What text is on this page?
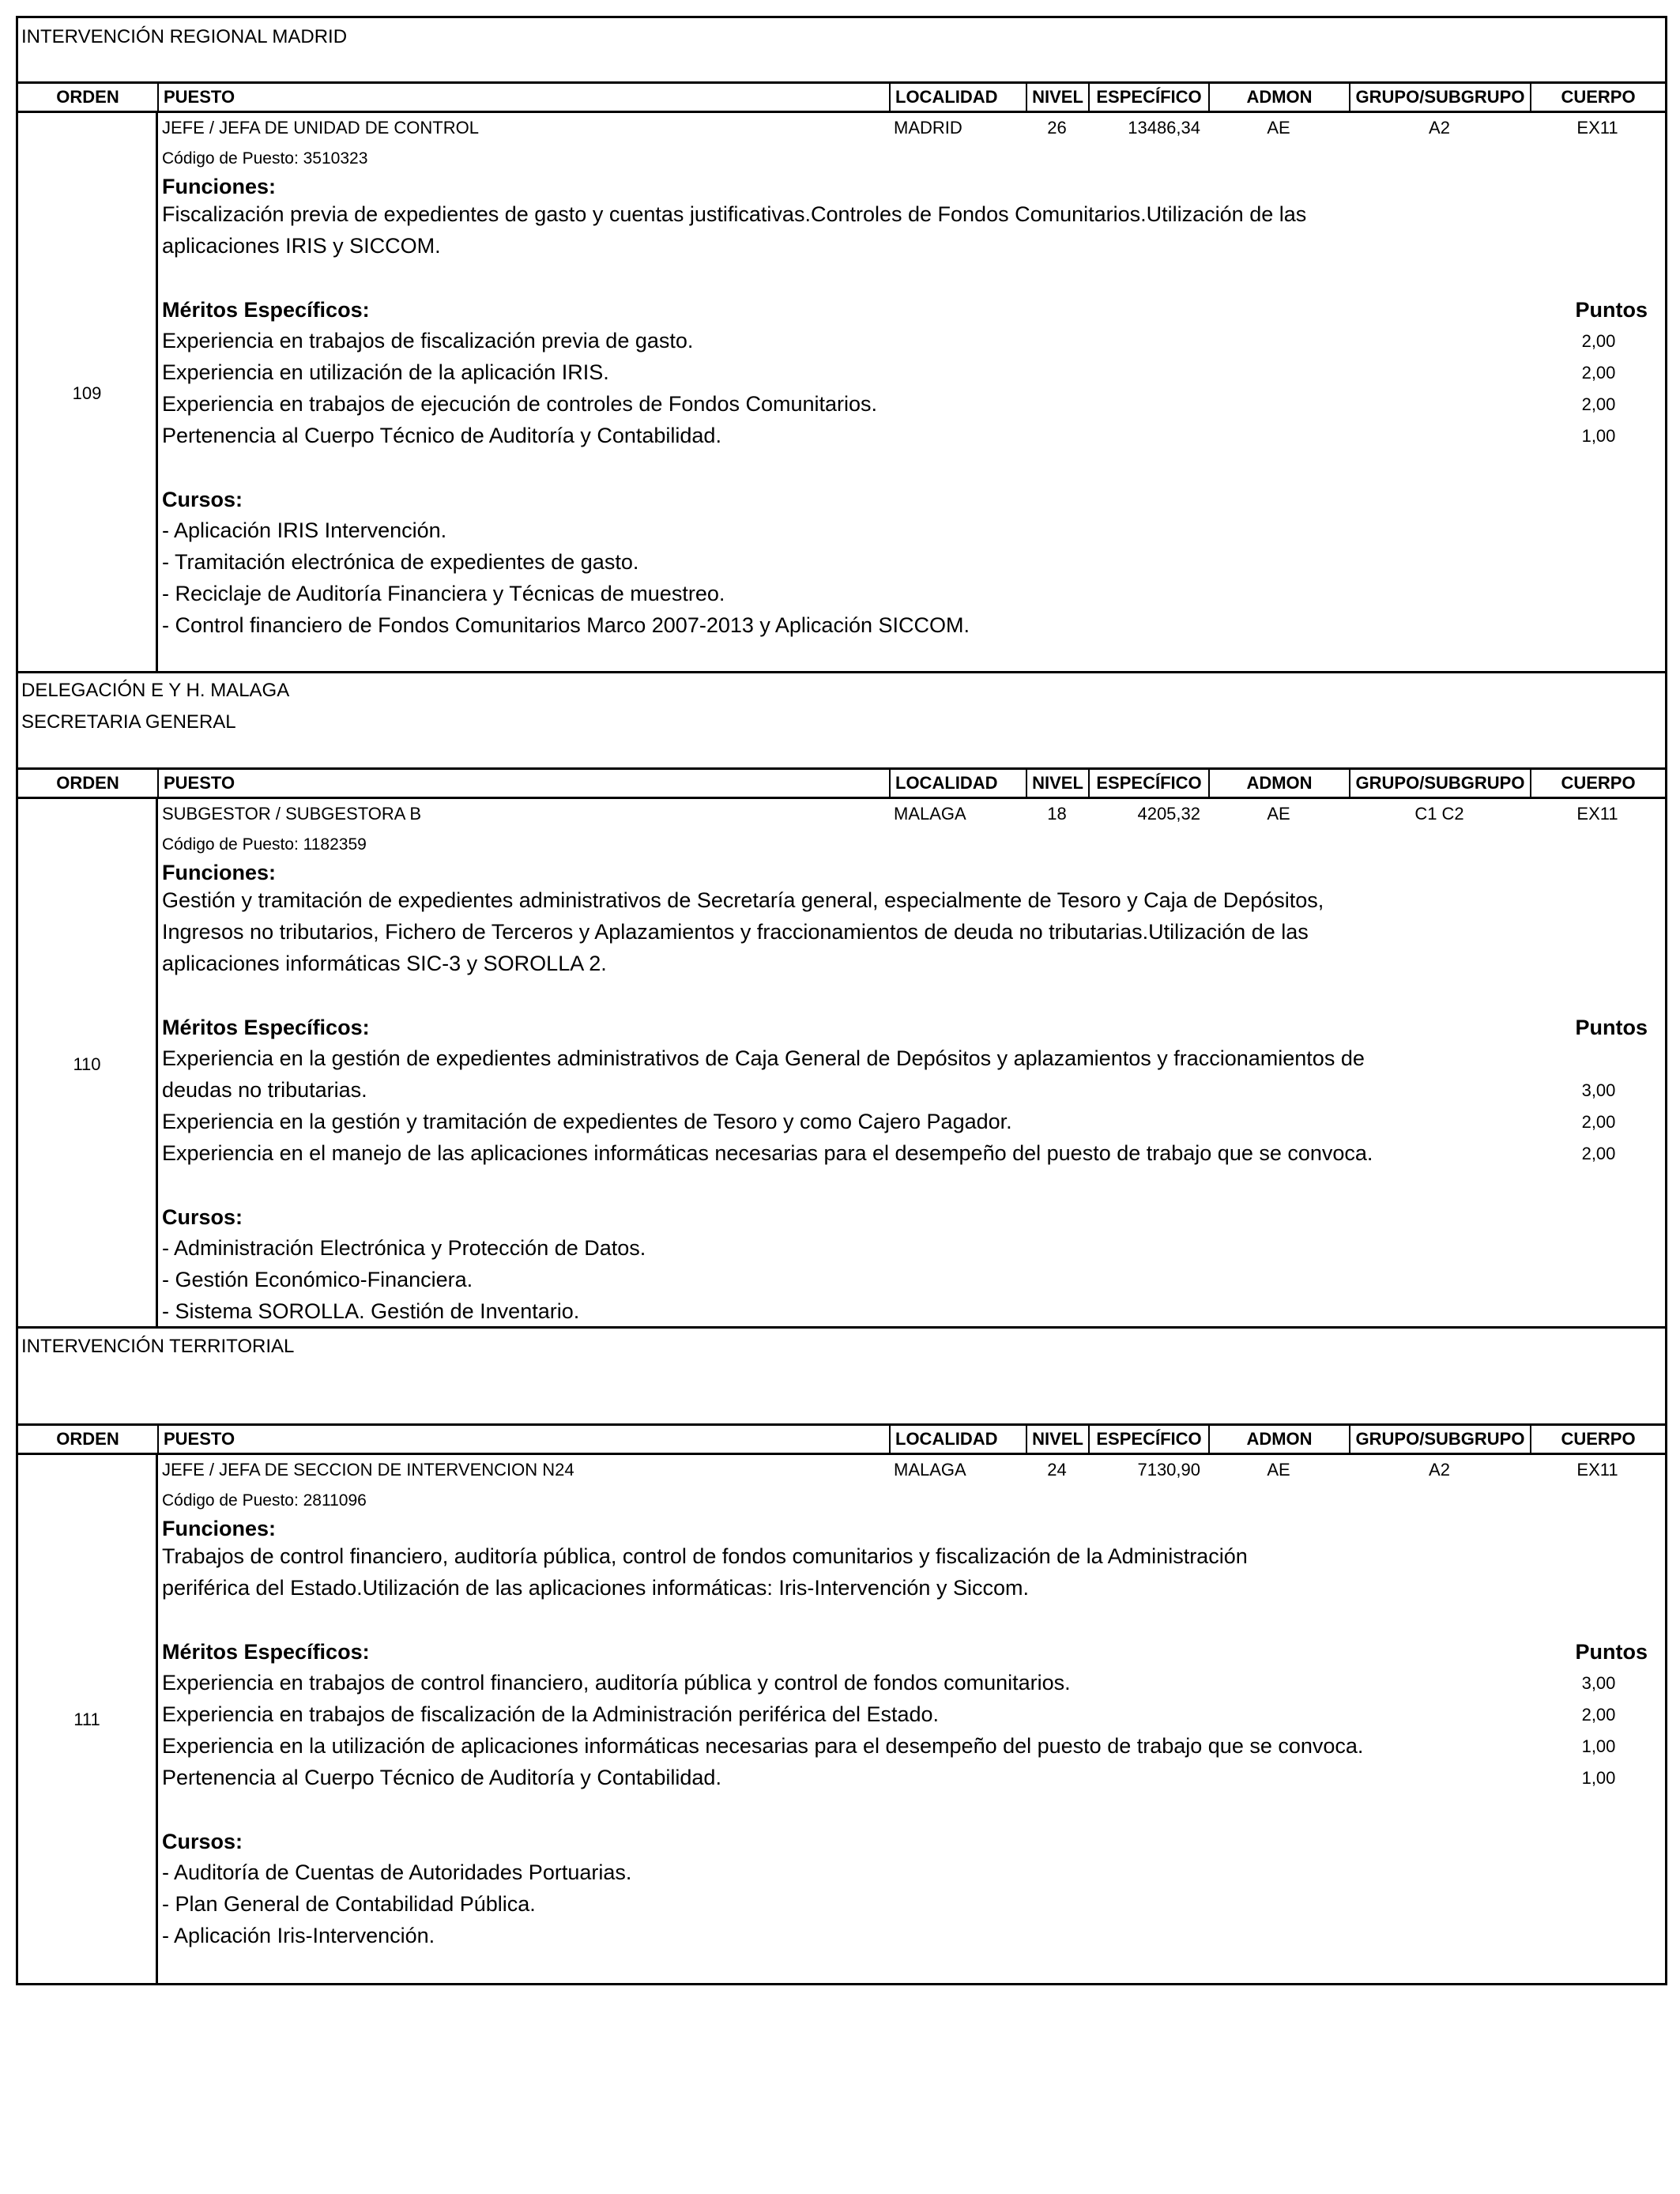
INTERVENCIÓN REGIONAL MADRID
ORDEN	PUESTO	LOCALIDAD	NIVEL ESPECÍFICO	ADMON	GRUPO/SUBGRUPO	CUERPO
109
JEFE / JEFA DE UNIDAD DE CONTROL	MADRID	26	13486,34	AE	A2	EX11
Código de Puesto: 3510323
Funciones:
Fiscalización previa de expedientes de gasto y cuentas justificativas.Controles de Fondos Comunitarios.Utilización de las
aplicaciones IRIS y SICCOM.
Méritos Específicos:	Puntos
Experiencia en trabajos de fiscalización previa de gasto.	2,00
Experiencia en utilización de la aplicación IRIS.	2,00
Experiencia en trabajos de ejecución de controles de Fondos Comunitarios.	2,00
Pertenencia al Cuerpo Técnico de Auditoría y Contabilidad.	1,00
Cursos:
- Aplicación IRIS Intervención.
- Tramitación electrónica de expedientes de gasto.
- Reciclaje de Auditoría Financiera y Técnicas de muestreo.
- Control financiero de Fondos Comunitarios Marco 2007-2013 y Aplicación SICCOM.
DELEGACIÓN E Y H. MALAGA
SECRETARIA GENERAL
ORDEN	PUESTO	LOCALIDAD	NIVEL ESPECÍFICO	ADMON	GRUPO/SUBGRUPO	CUERPO
110
SUBGESTOR / SUBGESTORA B	MALAGA	18	4205,32	AE	C1 C2	EX11
Código de Puesto: 1182359
Funciones:
Gestión y tramitación de expedientes administrativos de Secretaría general, especialmente de Tesoro y Caja de Depósitos,
Ingresos no tributarios, Fichero de Terceros y Aplazamientos y fraccionamientos de deuda no tributarias.Utilización de las
aplicaciones informáticas SIC-3 y SOROLLA 2.
Méritos Específicos:	Puntos
Experiencia en la gestión de expedientes administrativos de Caja General de Depósitos y aplazamientos y fraccionamientos de
deudas no tributarias.	3,00
Experiencia en la gestión y tramitación de expedientes de Tesoro y como Cajero Pagador.	2,00
Experiencia en el manejo de las aplicaciones informáticas necesarias para el desempeño del puesto de trabajo que se convoca.	2,00
Cursos:
- Administración Electrónica y Protección de Datos.
- Gestión Económico-Financiera.
- Sistema SOROLLA. Gestión de Inventario.
INTERVENCIÓN TERRITORIAL
ORDEN	PUESTO	LOCALIDAD	NIVEL ESPECÍFICO	ADMON	GRUPO/SUBGRUPO	CUERPO
111
JEFE / JEFA DE SECCION DE INTERVENCION N24	MALAGA	24	7130,90	AE	A2	EX11
Código de Puesto: 2811096
Funciones:
Trabajos de control financiero, auditoría pública, control de fondos comunitarios y fiscalización de la Administración
periférica del Estado.Utilización de las aplicaciones informáticas: Iris-Intervención y Siccom.
Méritos Específicos:	Puntos
Experiencia en trabajos de control financiero, auditoría pública y control de fondos comunitarios.	3,00
Experiencia en trabajos de fiscalización de la Administración periférica del Estado.	2,00
Experiencia en la utilización de aplicaciones informáticas necesarias para el desempeño del puesto de trabajo que se convoca.	1,00
Pertenencia al Cuerpo Técnico de Auditoría y Contabilidad.	1,00
Cursos:
- Auditoría de Cuentas de Autoridades Portuarias.
- Plan General de Contabilidad Pública.
- Aplicación Iris-Intervención.
